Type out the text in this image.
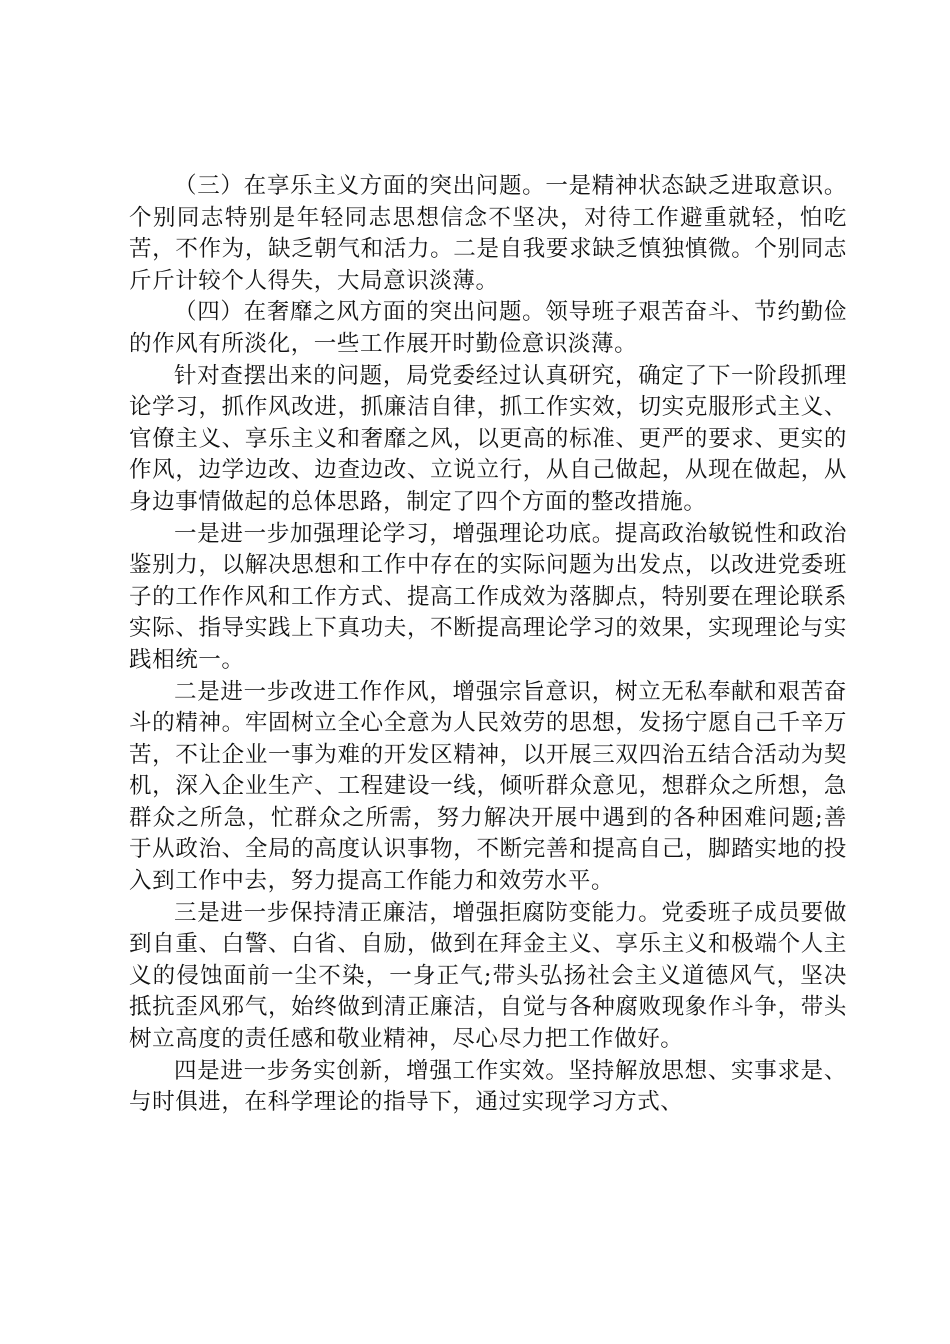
（三）在享乐主义方面的突出问题。一是精神状态缺乏进取意识。个别同志特别是年轻同志思想信念不坚决，对待工作避重就轻，怕吃苦，不作为，缺乏朝气和活力。二是自我要求缺乏慎独慎微。个别同志斤斤计较个人得失，大局意识淡薄。

（四）在奢靡之风方面的突出问题。领导班子艰苦奋斗、节约勤俭的作风有所淡化，一些工作展开时勤俭意识淡薄。

针对查摆出来的问题，局党委经过认真研究，确定了下一阶段抓理论学习，抓作风改进，抓廉洁自律，抓工作实效，切实克服形式主义、官僚主义、享乐主义和奢靡之风，以更高的标准、更严的要求、更实的作风，边学边改、边查边改、立说立行，从自己做起，从现在做起，从身边事情做起的总体思路，制定了四个方面的整改措施。

一是进一步加强理论学习，增强理论功底。提高政治敏锐性和政治鉴别力，以解决思想和工作中存在的实际问题为出发点，以改进党委班子的工作作风和工作方式、提高工作成效为落脚点，特别要在理论联系实际、指导实践上下真功夫，不断提高理论学习的效果，实现理论与实践相统一。

二是进一步改进工作作风，增强宗旨意识，树立无私奉献和艰苦奋斗的精神。牢固树立全心全意为人民效劳的思想，发扬宁愿自己千辛万苦，不让企业一事为难的开发区精神，以开展三双四治五结合活动为契机，深入企业生产、工程建设一线，倾听群众意见，想群众之所想，急群众之所急，忙群众之所需，努力解决开展中遇到的各种困难问题;善于从政治、全局的高度认识事物，不断完善和提高自己，脚踏实地的投入到工作中去，努力提高工作能力和效劳水平。

三是进一步保持清正廉洁，增强拒腐防变能力。党委班子成员要做到自重、白警、白省、自励，做到在拜金主义、享乐主义和极端个人主义的侵蚀面前一尘不染，一身正气;带头弘扬社会主义道德风气，坚决抵抗歪风邪气，始终做到清正廉洁，自觉与各种腐败现象作斗争，带头树立高度的责任感和敬业精神，尽心尽力把工作做好。

四是进一步务实创新，增强工作实效。坚持解放思想、实事求是、与时俱进，在科学理论的指导下，通过实现学习方式、
